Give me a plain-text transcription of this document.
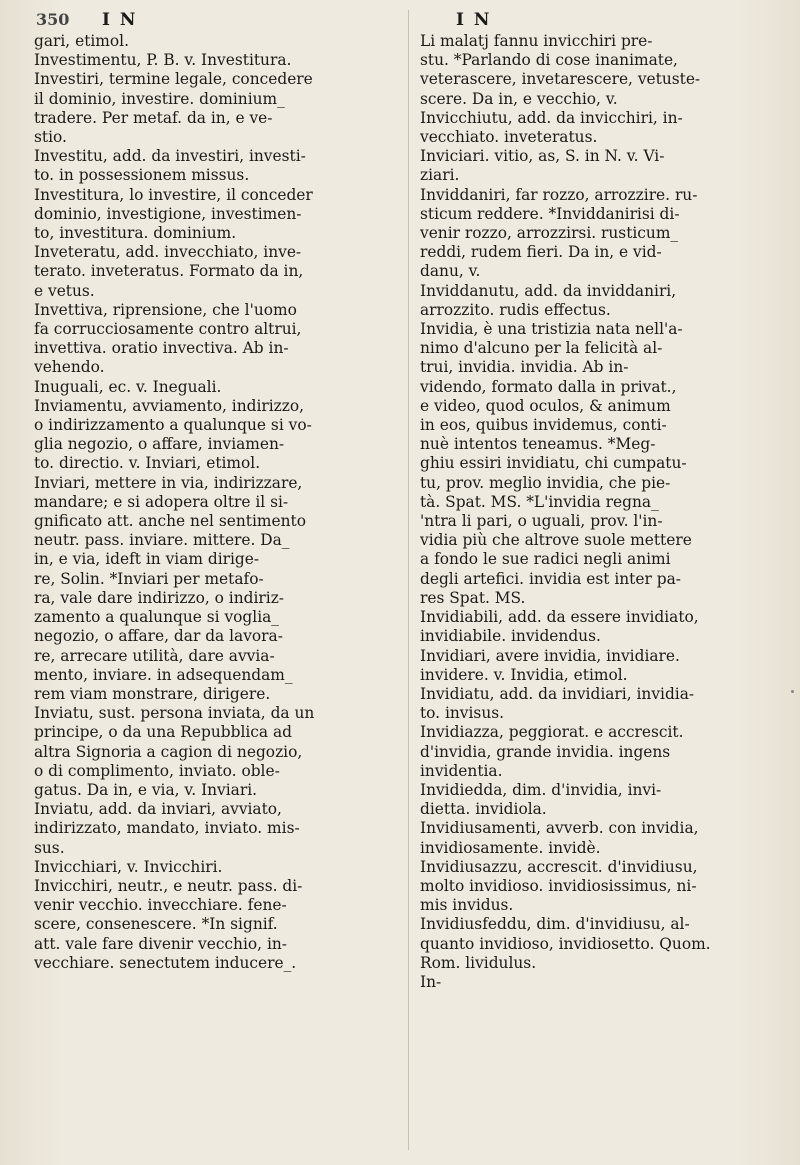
350 I N	I N
gari, etimol.
Investimentu, P. B. v. Investitura.
Investiri, termine legale, concedere
il dominio, investire. dominium_
tradere. Per metaf. da in, e ve-
stio.
Investitu, add. da investiri, investi-
to. in possessionem missus.
Investitura, lo investire, il conceder
dominio, investigione, investimen-
to, investitura. dominium.
Inveteratu, add. invecchiato, inve-
terato. inveteratus. Formato da in,
e vetus.
Invettiva, riprensione, che l'uomo
fa corrucciosamente contro altrui,
invettiva. oratio invectiva. Ab in-
vehendo.
Inuguali, ec. v. Ineguali.
Inviamentu, avviamento, indirizzo,
o indirizzamento a qualunque si vo-
glia negozio, o affare, inviamen-
to. directio. v. Inviari, etimol.
Inviari, mettere in via, indirizzare,
mandare; e si adopera oltre il si-
gnificato att. anche nel sentimento
neutr. pass. inviare. mittere. Da_
in, e via, ideft in viam dirige-
re, Solin. *Inviari per metafo-
ra, vale dare indirizzo, o indiriz-
zamento a qualunque si voglia_
negozio, o affare, dar da lavora-
re, arrecare utilità, dare avvia-
mento, inviare. in adsequendam_
rem viam monstrare, dirigere.
Inviatu, sust. persona inviata, da un
principe, o da una Repubblica ad
altra Signoria a cagion di negozio,
o di complimento, inviato. oble-
gatus. Da in, e via, v. Inviari.
Inviatu, add. da inviari, avviato,
indirizzato, mandato, inviato. mis-
sus.
Invicchiari, v. Invicchiri.
Invicchiri, neutr., e neutr. pass. di-
venir vecchio. invecchiare. fene-
scere, consenescere. *In signif.
att. vale fare divenir vecchio, in-
vecchiare. senectutem inducere_.
Li malatj fannu invicchiri pre-
stu. *Parlando di cose inanimate,
veterascere, invetarescere, vetuste-
scere. Da in, e vecchio, v.
Invicchiutu, add. da invicchiri, in-
vecchiato. inveteratus.
Inviciari. vitio, as, S. in N. v. Vi-
ziari.
Inviddaniri, far rozzo, arrozzire. ru-
sticum reddere. *Inviddanirisi di-
venir rozzo, arrozzirsi. rusticum_
reddi, rudem fieri. Da in, e vid-
danu, v.
Inviddanutu, add. da inviddaniri,
arrozzito. rudis effectus.
Invidia, è una tristizia nata nell'a-
nimo d'alcuno per la felicità al-
trui, invidia. invidia. Ab in-
videndo, formato dalla in privat.,
e video, quod oculos, & animum
in eos, quibus invidemus, conti-
nuè intentos teneamus. *Meg-
ghiu essiri invidiatu, chi cumpatu-
tu, prov. meglio invidia, che pie-
tà. Spat. MS. *L'invidia regna_
'ntra li pari, o uguali, prov. l'in-
vidia più che altrove suole mettere
a fondo le sue radici negli animi
degli artefici. invidia est inter pa-
res Spat. MS.
Invidiabili, add. da essere invidiato,
invidiabile. invidendus.
Invidiari, avere invidia, invidiare.
invidere. v. Invidia, etimol.
Invidiatu, add. da invidiari, invidia-
to. invisus.
Invidiazza, peggiorat. e accrescit.
d'invidia, grande invidia. ingens
invidentia.
Invidiedda, dim. d'invidia, invi-
dietta. invidiola.
Invidiusamenti, avverb. con invidia,
invidiosamente. invidè.
Invidiusazzu, accrescit. d'invidiusu,
molto invidioso. invidiosissimus, ni-
mis invidus.
Invidiusfeddu, dim. d'invidiusu, al-
quanto invidioso, invidiosetto. Quom.
Rom. lividulus.
In-
